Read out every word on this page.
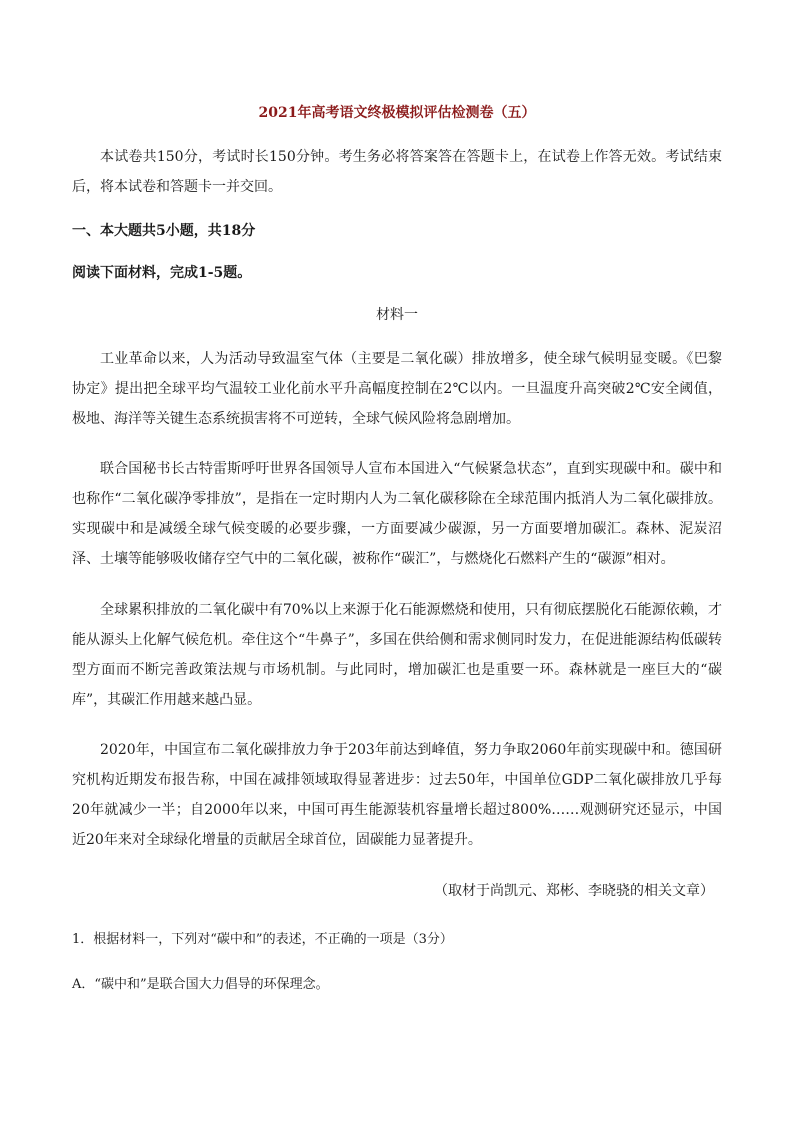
2021年高考语文终极模拟评估检测卷（五）
本试卷共150分，考试时长150分钟。考生务必将答案答在答题卡上，在试卷上作答无效。考试结束后，将本试卷和答题卡一并交回。
一、本大题共5小题，共18分
阅读下面材料，完成1-5题。
材料一
工业革命以来，人为活动导致温室气体（主要是二氧化碳）排放增多，使全球气候明显变暖。《巴黎协定》提出把全球平均气温较工业化前水平升高幅度控制在2℃以内。一旦温度升高突破2℃安全阈值，极地、海洋等关键生态系统损害将不可逆转，全球气候风险将急剧增加。
联合国秘书长古特雷斯呼吁世界各国领导人宣布本国进入“气候紧急状态”，直到实现碳中和。碳中和也称作“二氧化碳净零排放”，是指在一定时期内人为二氧化碳移除在全球范围内抵消人为二氧化碳排放。实现碳中和是减缓全球气候变暖的必要步骤，一方面要减少碳源，另一方面要增加碳汇。森林、泥炭沼泽、土壤等能够吸收储存空气中的二氧化碳，被称作“碳汇”，与燃烧化石燃料产生的“碳源”相对。
全球累积排放的二氧化碳中有70%以上来源于化石能源燃烧和使用，只有彻底摆脱化石能源依赖，才能从源头上化解气候危机。牵住这个“牛鼻子”，多国在供给侧和需求侧同时发力，在促进能源结构低碳转型方面而不断完善政策法规与市场机制。与此同时，增加碳汇也是重要一环。森林就是一座巨大的“碳库”，其碳汇作用越来越凸显。
2020年，中国宣布二氧化碳排放力争于203年前达到峰值，努力争取2060年前实现碳中和。德国研究机构近期发布报告称，中国在减排领域取得显著进步：过去50年，中国单位GDP二氧化碳排放几乎每20年就减少一半；自2000年以来，中国可再生能源装机容量增长超过800%……观测研究还显示，中国近20年来对全球绿化增量的贡献居全球首位，固碳能力显著提升。
（取材于尚凯元、郑彬、李晓骁的相关文章）
1．根据材料一，下列对“碳中和”的表述，不正确的一项是（3分）
A．“碳中和”是联合国大力倡导的环保理念。
